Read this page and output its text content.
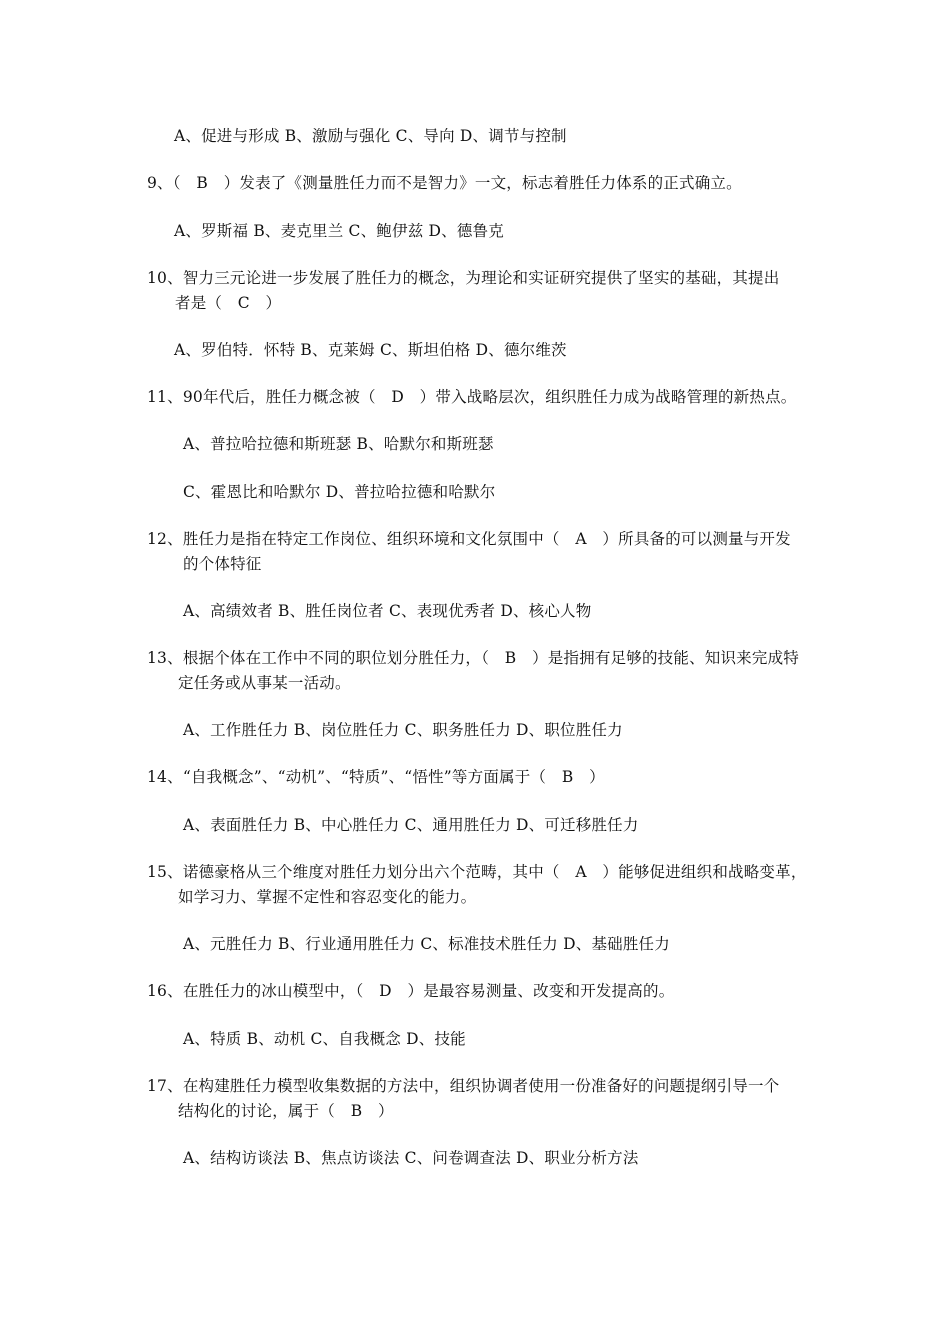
A、促进与形成 B、激励与强化 C、导向 D、调节与控制
9、（　B　）发表了《测量胜任力而不是智力》一文，标志着胜任力体系的正式确立。
A、罗斯福 B、麦克里兰 C、鲍伊兹 D、德鲁克
10、智力三元论进一步发展了胜任力的概念，为理论和实证研究提供了坚实的基础，其提出
者是（　C　）
A、罗伯特．怀特 B、克莱姆 C、斯坦伯格 D、德尔维茨
11、90年代后，胜任力概念被（　D　）带入战略层次，组织胜任力成为战略管理的新热点。
A、普拉哈拉德和斯班瑟 B、哈默尔和斯班瑟
C、霍恩比和哈默尔 D、普拉哈拉德和哈默尔
12、胜任力是指在特定工作岗位、组织环境和文化氛围中（　A　）所具备的可以测量与开发
的个体特征
A、高绩效者 B、胜任岗位者 C、表现优秀者 D、核心人物
13、根据个体在工作中不同的职位划分胜任力，（　B　）是指拥有足够的技能、知识来完成特
定任务或从事某一活动。
A、工作胜任力 B、岗位胜任力 C、职务胜任力 D、职位胜任力
14、“自我概念”、“动机”、“特质”、“悟性”等方面属于（　B　）
A、表面胜任力 B、中心胜任力 C、通用胜任力 D、可迁移胜任力
15、诺德豪格从三个维度对胜任力划分出六个范畴，其中（　A　）能够促进组织和战略变革，
如学习力、掌握不定性和容忍变化的能力。
A、元胜任力 B、行业通用胜任力 C、标准技术胜任力 D、基础胜任力
16、在胜任力的冰山模型中，（　D　）是最容易测量、改变和开发提高的。
A、特质 B、动机 C、自我概念 D、技能
17、在构建胜任力模型收集数据的方法中，组织协调者使用一份准备好的问题提纲引导一个
结构化的讨论，属于（　B　）
A、结构访谈法 B、焦点访谈法 C、问卷调查法 D、职业分析方法
